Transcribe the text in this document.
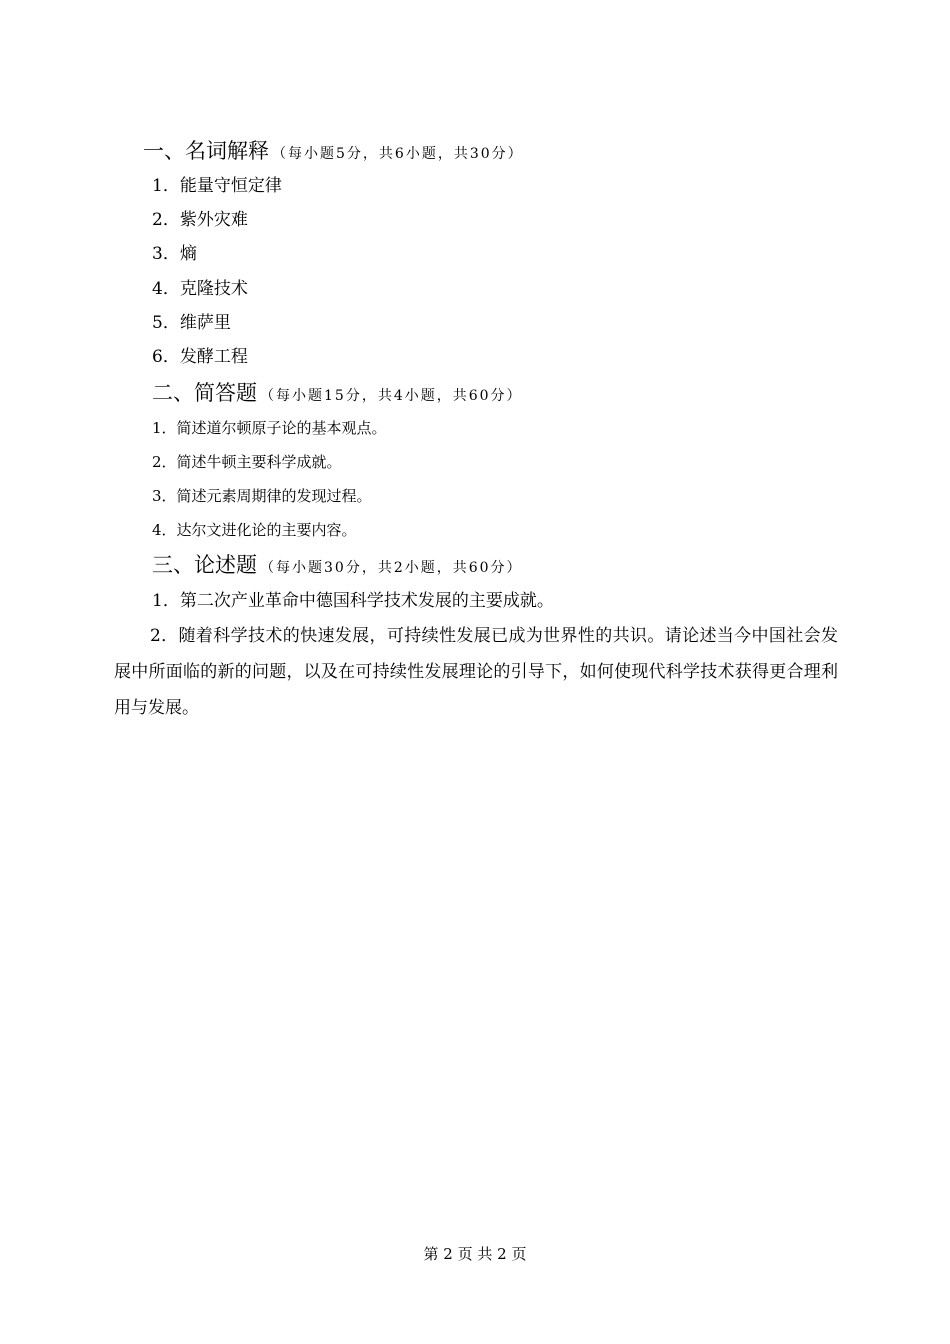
一、名词解释 （每小题5分，共6小题，共30分）
1．能量守恒定律
2．紫外灾难
3．熵
4．克隆技术
5．维萨里
6．发酵工程
二、简答题 （每小题15分，共4小题，共60分）
1．简述道尔顿原子论的基本观点。
2．简述牛顿主要科学成就。
3．简述元素周期律的发现过程。
4．达尔文进化论的主要内容。
三、论述题 （每小题30分，共2小题，共60分）
1．第二次产业革命中德国科学技术发展的主要成就。

2．随着科学技术的快速发展，可持续性发展已成为世界性的共识。请论述当今中国社会发展中所面临的新的问题，以及在可持续性发展理论的引导下，如何使现代科学技术获得更合理利用与发展。

第 2 页 共 2 页
